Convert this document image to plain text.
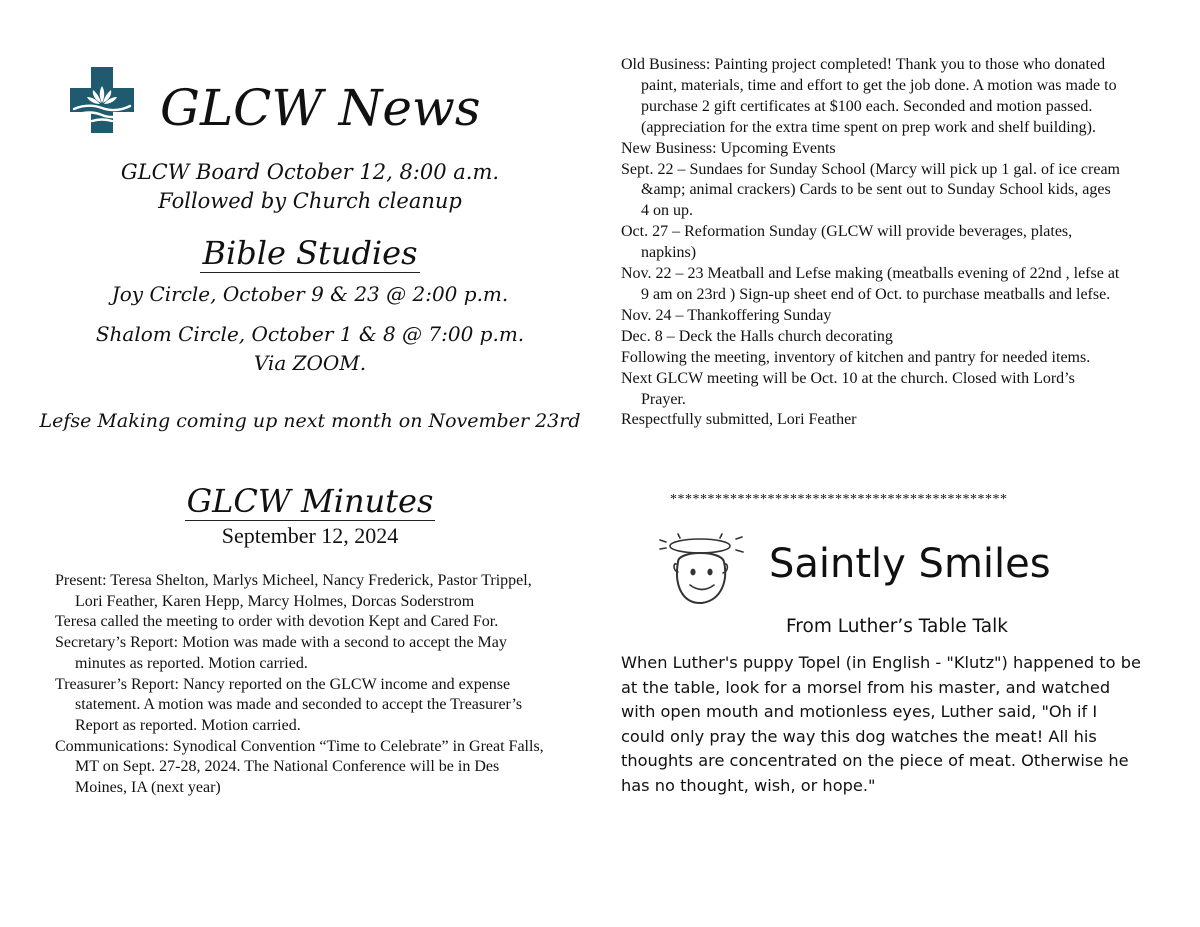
GLCW News
GLCW Board October 12, 8:00 a.m.
Followed by Church cleanup
Bible Studies
Joy Circle, October 9 & 23 @ 2:00 p.m.
Shalom Circle, October 1 & 8 @ 7:00 p.m.
Via ZOOM.
Lefse Making coming up next month on November 23rd
GLCW Minutes
September 12, 2024

Present: Teresa Shelton, Marlys Micheel, Nancy Frederick, Pastor Trippel, Lori Feather, Karen Hepp, Marcy Holmes, Dorcas Soderstrom

Teresa called the meeting to order with devotion Kept and Cared For.

Secretary’s Report: Motion was made with a second to accept the May minutes as reported. Motion carried.

Treasurer’s Report: Nancy reported on the GLCW income and expense statement. A motion was made and seconded to accept the Treasurer’s Report as reported. Motion carried.

Communications: Synodical Convention “Time to Celebrate” in Great Falls, MT on Sept. 27-28, 2024. The National Conference will be in Des Moines, IA (next year)

Old Business: Painting project completed! Thank you to those who donated paint, materials, time and effort to get the job done. A motion was made to purchase 2 gift certificates at $100 each. Seconded and motion passed. (appreciation for the extra time spent on prep work and shelf building).

New Business: Upcoming Events

Sept. 22 – Sundaes for Sunday School (Marcy will pick up 1 gal. of ice cream &amp; animal crackers) Cards to be sent out to Sunday School kids, ages 4 on up.

Oct. 27 – Reformation Sunday (GLCW will provide beverages, plates, napkins)

Nov. 22 – 23 Meatball and Lefse making (meatballs evening of 22nd , lefse at 9 am on 23rd ) Sign-up sheet end of Oct. to purchase meatballs and lefse.

Nov. 24 – Thankoffering Sunday

Dec. 8 – Deck the Halls church decorating

Following the meeting, inventory of kitchen and pantry for needed items.

Next GLCW meeting will be Oct. 10 at the church. Closed with Lord’s Prayer.

Respectfully submitted, Lori Feather

*********************************************
Saintly Smiles
From Luther’s Table Talk

When Luther's puppy Topel (in English - "Klutz") happened to be at the table, look for a morsel from his master, and watched with open mouth and motionless eyes, Luther said, "Oh if I could only pray the way this dog watches the meat! All his thoughts are concentrated on the piece of meat. Otherwise he has no thought, wish, or hope."
